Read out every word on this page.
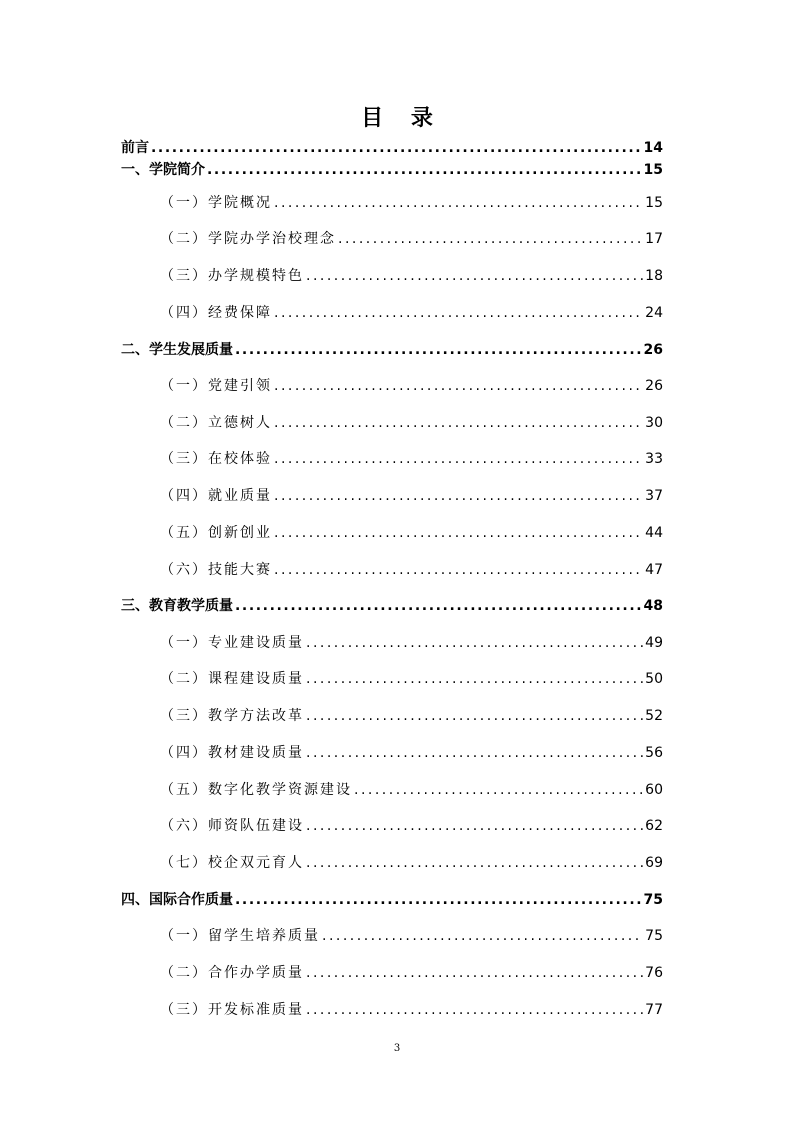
目 录
前言 .....	14
一、学院简介 .....	15
（一）学院概况 .....	15
（二）学院办学治校理念 .....	17
（三）办学规模特色 .....	18
（四）经费保障 .....	24
二、学生发展质量 .....	26
（一）党建引领 .....	26
（二）立德树人 .....	30
（三）在校体验 .....	33
（四）就业质量 .....	37
（五）创新创业 .....	44
（六）技能大赛 .....	47
三、教育教学质量 .....	48
（一）专业建设质量 .....	49
（二）课程建设质量 .....	50
（三）教学方法改革 .....	52
（四）教材建设质量 .....	56
（五）数字化教学资源建设 .....	60
（六）师资队伍建设 .....	62
（七）校企双元育人 .....	69
四、国际合作质量 .....	75
（一）留学生培养质量 .....	75
（二）合作办学质量 .....	76
（三）开发标准质量 .....	77
3
